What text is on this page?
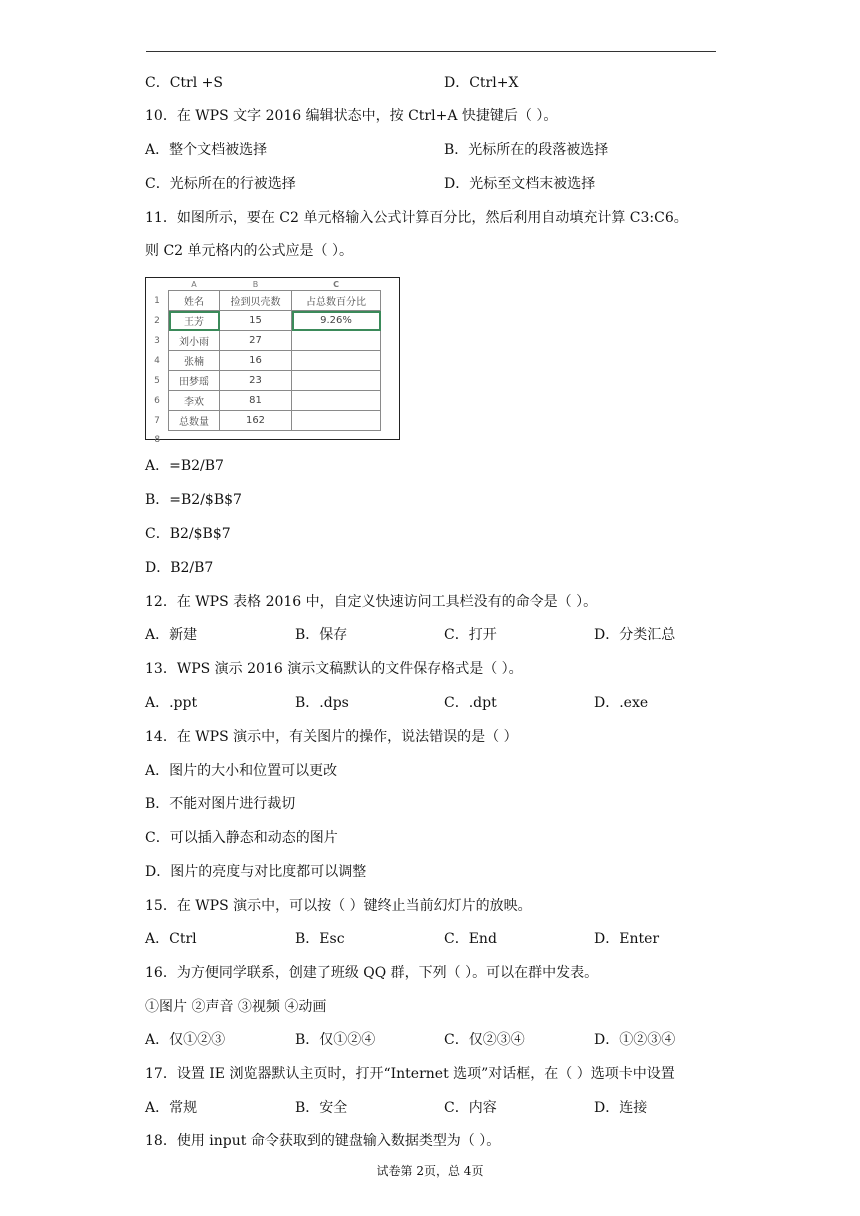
C．Ctrl +S	D．Ctrl+X
10．在 WPS 文字 2016 编辑状态中，按 Ctrl+A 快捷键后（ ）。
A．整个文档被选择	B．光标所在的段落被选择
C．光标所在的行被选择	D．光标至文档末被选择
11．如图所示，要在 C2 单元格输入公式计算百分比，然后利用自动填充计算 C3:C6。
则 C2 单元格内的公式应是（ ）。
	A	B	C
1	姓名	捡到贝壳数	占总数百分比
2	王芳	15	9.26%
3	刘小雨	27	
4	张楠	16	
5	田梦瑶	23	
6	李欢	81	
7	总数量	162	
8			
A．=B2/B7
B．=B2/$B$7
C．B2/$B$7
D．B2/B7
12．在 WPS 表格 2016 中，自定义快速访问工具栏没有的命令是（ ）。
A．新建	B．保存	C．打开	D．分类汇总
13．WPS 演示 2016 演示文稿默认的文件保存格式是（ ）。
A．.ppt	B．.dps	C．.dpt	D．.exe
14．在 WPS 演示中，有关图片的操作，说法错误的是（ ）
A．图片的大小和位置可以更改
B．不能对图片进行裁切
C．可以插入静态和动态的图片
D．图片的亮度与对比度都可以调整
15．在 WPS 演示中，可以按（ ）键终止当前幻灯片的放映。
A．Ctrl	B．Esc	C．End	D．Enter
16．为方便同学联系，创建了班级 QQ 群，下列（ ）。可以在群中发表。
①图片 ②声音 ③视频 ④动画
A．仅①②③	B．仅①②④	C．仅②③④	D．①②③④
17．设置 IE 浏览器默认主页时，打开“Internet 选项”对话框，在（ ）选项卡中设置
A．常规	B．安全	C．内容	D．连接
18．使用 input 命令获取到的键盘输入数据类型为（ ）。
试卷第 2页，总 4页
